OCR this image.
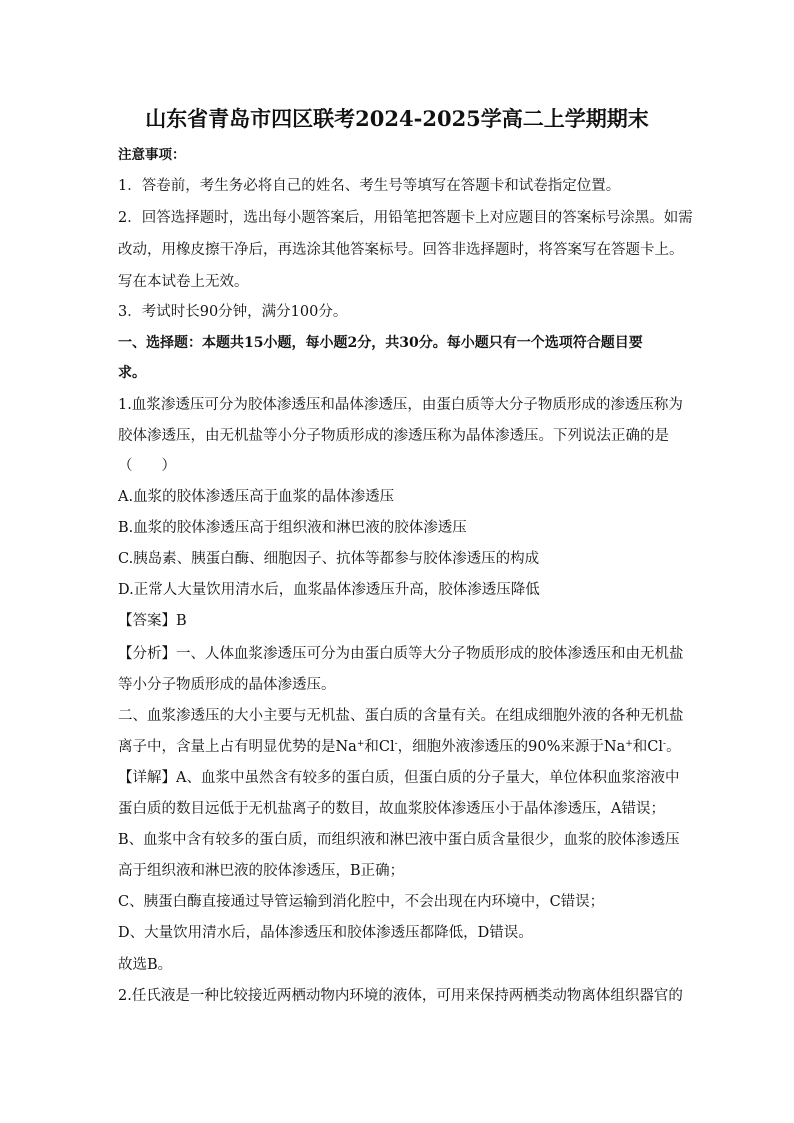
山东省青岛市四区联考2024-2025学高二上学期期末
注意事项：
1．答卷前，考生务必将自己的姓名、考生号等填写在答题卡和试卷指定位置。
2．回答选择题时，选出每小题答案后，用铅笔把答题卡上对应题目的答案标号涂黑。如需
改动，用橡皮擦干净后，再选涂其他答案标号。回答非选择题时，将答案写在答题卡上。
写在本试卷上无效。
3．考试时长90分钟，满分100分。
一、选择题：本题共15小题，每小题2分，共30分。每小题只有一个选项符合题目要
求。
1.血浆渗透压可分为胶体渗透压和晶体渗透压，由蛋白质等大分子物质形成的渗透压称为
胶体渗透压，由无机盐等小分子物质形成的渗透压称为晶体渗透压。下列说法正确的是
（　　）
A.血浆的胶体渗透压高于血浆的晶体渗透压
B.血浆的胶体渗透压高于组织液和淋巴液的胶体渗透压
C.胰岛素、胰蛋白酶、细胞因子、抗体等都参与胶体渗透压的构成
D.正常人大量饮用清水后，血浆晶体渗透压升高，胶体渗透压降低
【答案】B
【分析】一、人体血浆渗透压可分为由蛋白质等大分子物质形成的胶体渗透压和由无机盐
等小分子物质形成的晶体渗透压。
二、血浆渗透压的大小主要与无机盐、蛋白质的含量有关。在组成细胞外液的各种无机盐
离子中，含量上占有明显优势的是Na+和Cl-，细胞外液渗透压的90%来源于Na+和Cl-。
【详解】A、血浆中虽然含有较多的蛋白质，但蛋白质的分子量大，单位体积血浆溶液中
蛋白质的数目远低于无机盐离子的数目，故血浆胶体渗透压小于晶体渗透压，A错误；
B、血浆中含有较多的蛋白质，而组织液和淋巴液中蛋白质含量很少，血浆的胶体渗透压
高于组织液和淋巴液的胶体渗透压，B正确；
C、胰蛋白酶直接通过导管运输到消化腔中，不会出现在内环境中，C错误；
D、大量饮用清水后，晶体渗透压和胶体渗透压都降低，D错误。
故选B。
2.任氏液是一种比较接近两栖动物内环境的液体，可用来保持两栖类动物离体组织器官的
